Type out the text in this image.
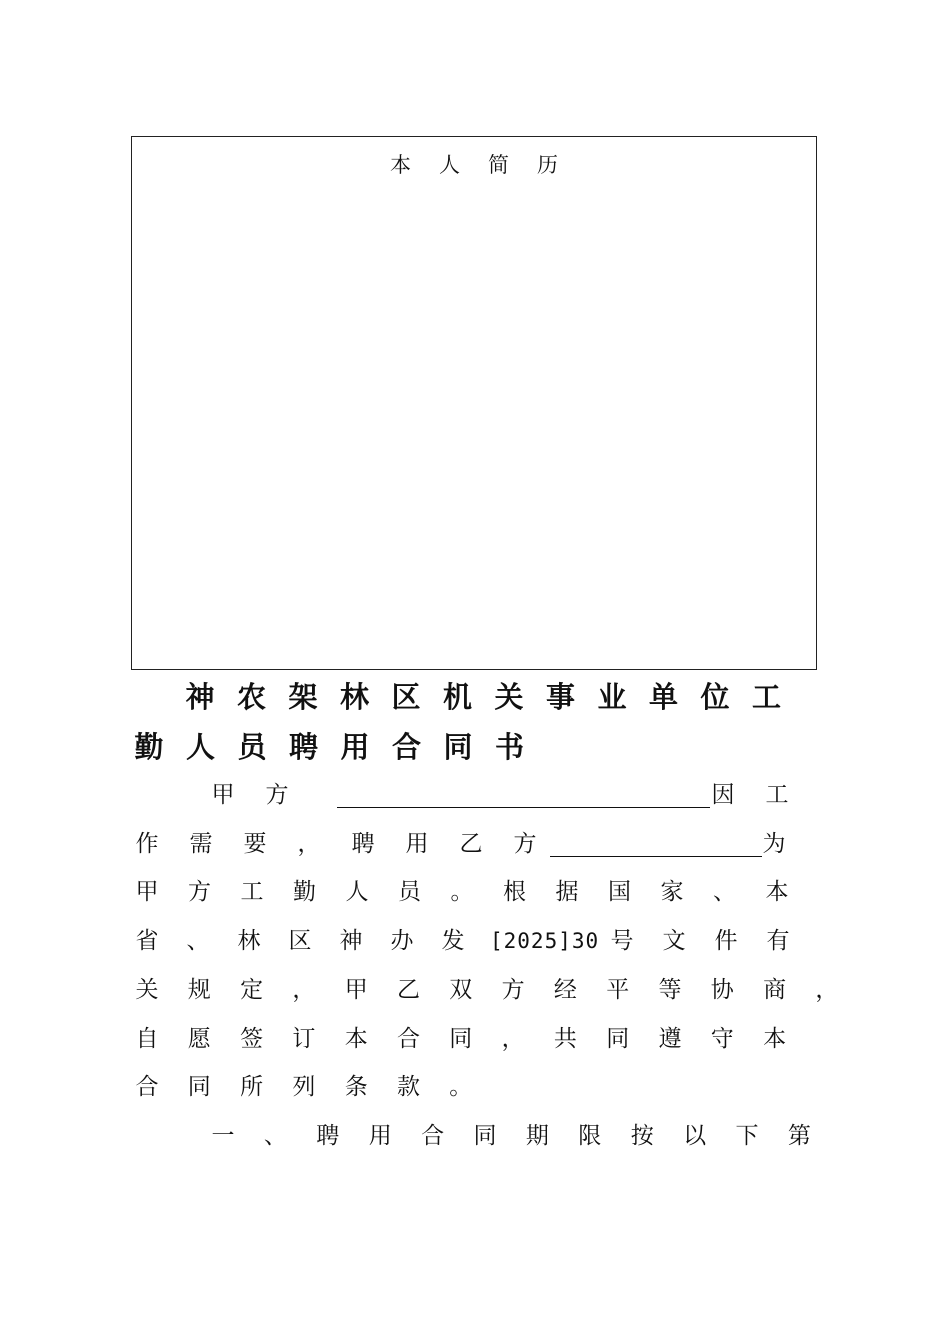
本人简历
神 农 架 林 区 机 关 事 业 单 位 工
勤 人 员 聘 用 合 同 书
甲 方	因 工
作 需 要 ， 聘 用 乙 方	为
甲 方 工 勤 人 员 。 根 据 国 家 、 本
省 、 林 区 神 办 发 [2025]30 号 文 件 有
关 规 定 ， 甲 乙 双 方 经 平 等 协 商 ，
自 愿 签 订 本 合 同 ， 共 同 遵 守 本
合 同 所 列 条 款 。
一 、 聘 用 合 同 期 限 按 以 下 第
